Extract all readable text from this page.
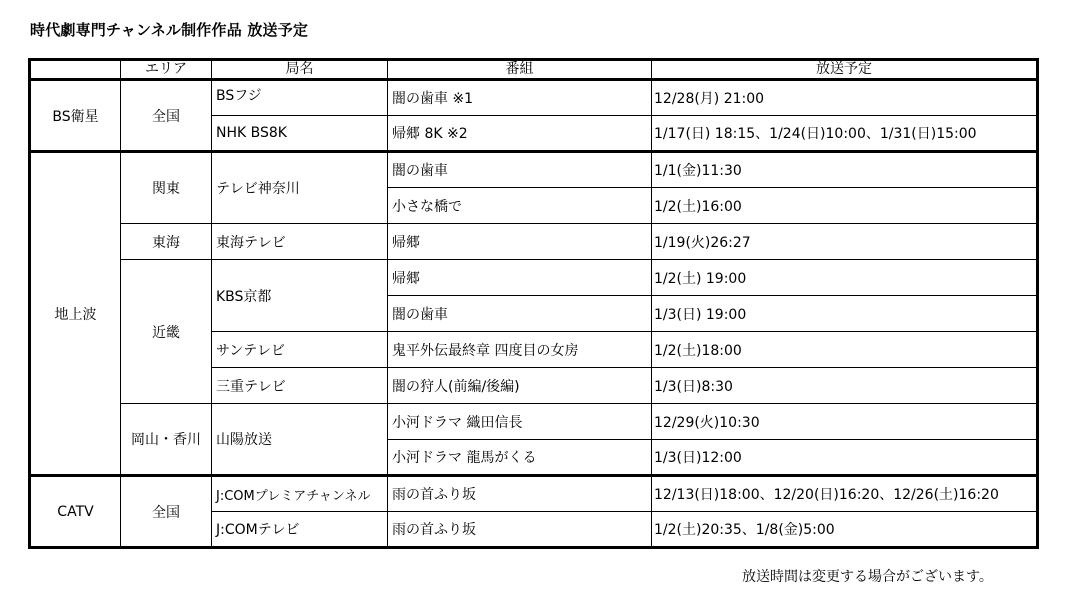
時代劇専門チャンネル制作作品 放送予定
	エリア	局名	番組	放送予定
BS衛星	全国	BSフジ	闇の歯車 ※1	12/28(月) 21:00
		NHK BS8K	帰郷 8K ※2	1/17(日) 18:15、1/24(日)10:00、1/31(日)15:00
地上波	関東	テレビ神奈川	闇の歯車	1/1(金)11:30
			小さな橋で	1/2(土)16:00
	東海	東海テレビ	帰郷	1/19(火)26:27
	近畿	KBS京都	帰郷	1/2(土) 19:00
			闇の歯車	1/3(日) 19:00
		サンテレビ	鬼平外伝最終章 四度目の女房	1/2(土)18:00
		三重テレビ	闇の狩人(前編/後編)	1/3(日)8:30
	岡山・香川	山陽放送	小河ドラマ 織田信長	12/29(火)10:30
			小河ドラマ 龍馬がくる	1/3(日)12:00
CATV	全国	J:COMプレミアチャンネル	雨の首ふり坂	12/13(日)18:00、12/20(日)16:20、12/26(土)16:20
		J:COMテレビ	雨の首ふり坂	1/2(土)20:35、1/8(金)5:00
放送時間は変更する場合がございます。
